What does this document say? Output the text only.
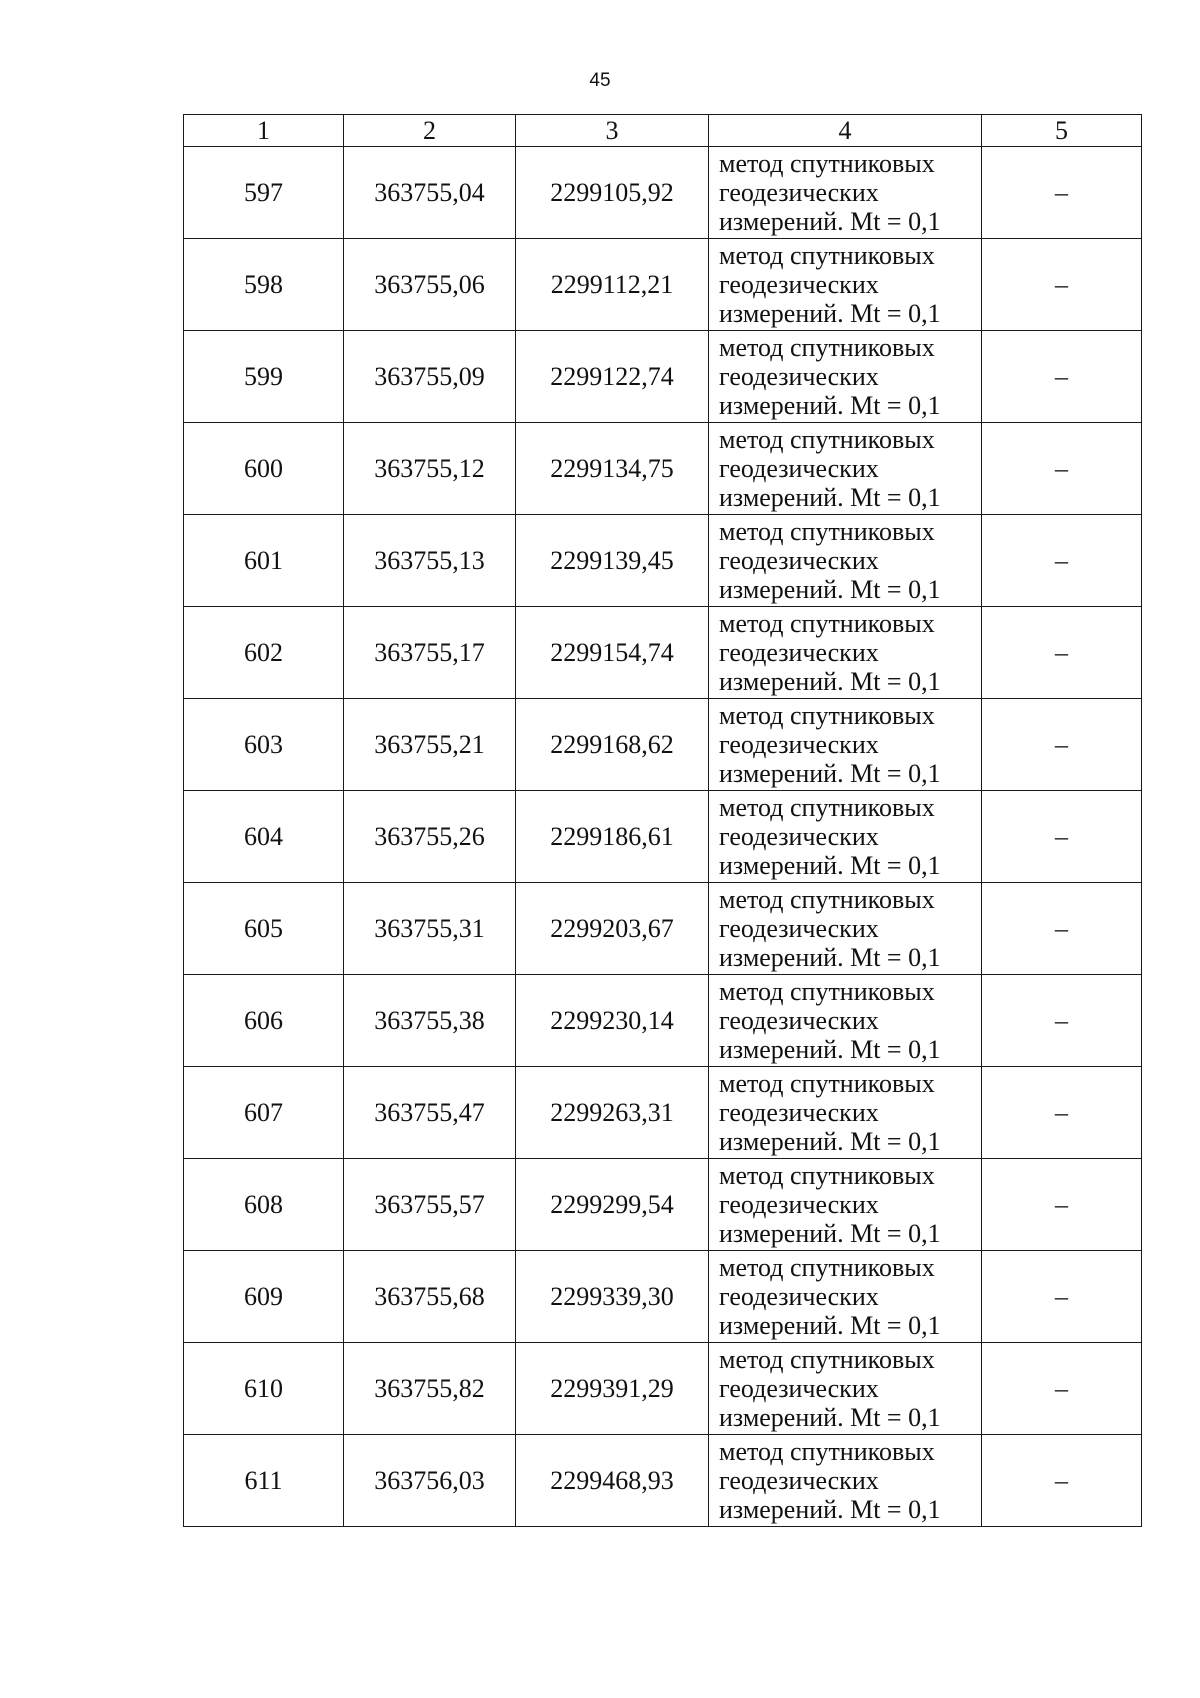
45
1	2	3	4	5
597	363755,04	2299105,92	метод спутниковых
геодезических
измерений. Mt = 0,1	–
598	363755,06	2299112,21	метод спутниковых
геодезических
измерений. Mt = 0,1	–
599	363755,09	2299122,74	метод спутниковых
геодезических
измерений. Mt = 0,1	–
600	363755,12	2299134,75	метод спутниковых
геодезических
измерений. Mt = 0,1	–
601	363755,13	2299139,45	метод спутниковых
геодезических
измерений. Mt = 0,1	–
602	363755,17	2299154,74	метод спутниковых
геодезических
измерений. Mt = 0,1	–
603	363755,21	2299168,62	метод спутниковых
геодезических
измерений. Mt = 0,1	–
604	363755,26	2299186,61	метод спутниковых
геодезических
измерений. Mt = 0,1	–
605	363755,31	2299203,67	метод спутниковых
геодезических
измерений. Mt = 0,1	–
606	363755,38	2299230,14	метод спутниковых
геодезических
измерений. Mt = 0,1	–
607	363755,47	2299263,31	метод спутниковых
геодезических
измерений. Mt = 0,1	–
608	363755,57	2299299,54	метод спутниковых
геодезических
измерений. Mt = 0,1	–
609	363755,68	2299339,30	метод спутниковых
геодезических
измерений. Mt = 0,1	–
610	363755,82	2299391,29	метод спутниковых
геодезических
измерений. Mt = 0,1	–
611	363756,03	2299468,93	метод спутниковых
геодезических
измерений. Mt = 0,1	–
